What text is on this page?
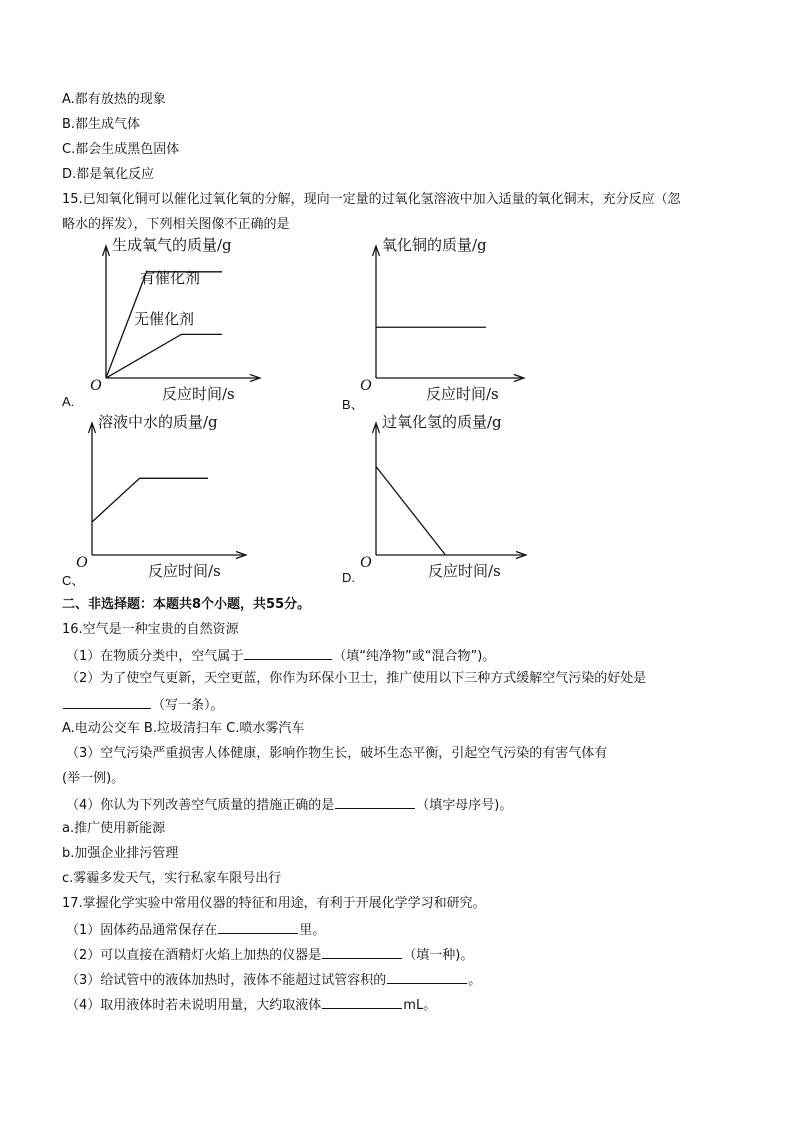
A.都有放热的现象
B.都生成气体
C.都会生成黑色固体
D.都是氧化反应
15.已知氧化铜可以催化过氧化氧的分解，现向一定量的过氧化氢溶液中加入适量的氧化铜末，充分反应（忽
略水的挥发），下列相关图像不正确的是
生成氧气的质量/g
反应时间/s
O
A.
有催化剂
无催化剂
氧化铜的质量/g
反应时间/s
O
B、
溶液中水的质量/g
反应时间/s
O
C、
过氧化氢的质量/g
反应时间/s
O
D.
二、非选择题：本题共8个小题，共55分。
16.空气是一种宝贵的自然资源
（1）在物质分类中，空气属于	（填“纯净物”或“混合物”)。
（2）为了使空气更新，天空更蓝，你作为环保小卫士，推广使用以下三种方式缓解空气污染的好处是
（写一条）。
A.电动公交车 B.垃圾清扫车 C.喷水雾汽车
（3）空气污染严重损害人体健康，影响作物生长，破坏生态平衡，引起空气污染的有害气体有
(举一例)。
（4）你认为下列改善空气质量的措施正确的是	（填字母序号)。
a.推广使用新能源
b.加强企业排污管理
c.雾霾多发天气，实行私家车限号出行
17.掌握化学实验中常用仪器的特征和用途，有利于开展化学学习和研究。
（1）固体药品通常保存在	里。
（2）可以直接在酒精灯火焰上加热的仪器是	（填一种)。
（3）给试管中的液体加热时，液体不能超过试管容积的	。
（4）取用液体时若未说明用量，大约取液体	mL。
